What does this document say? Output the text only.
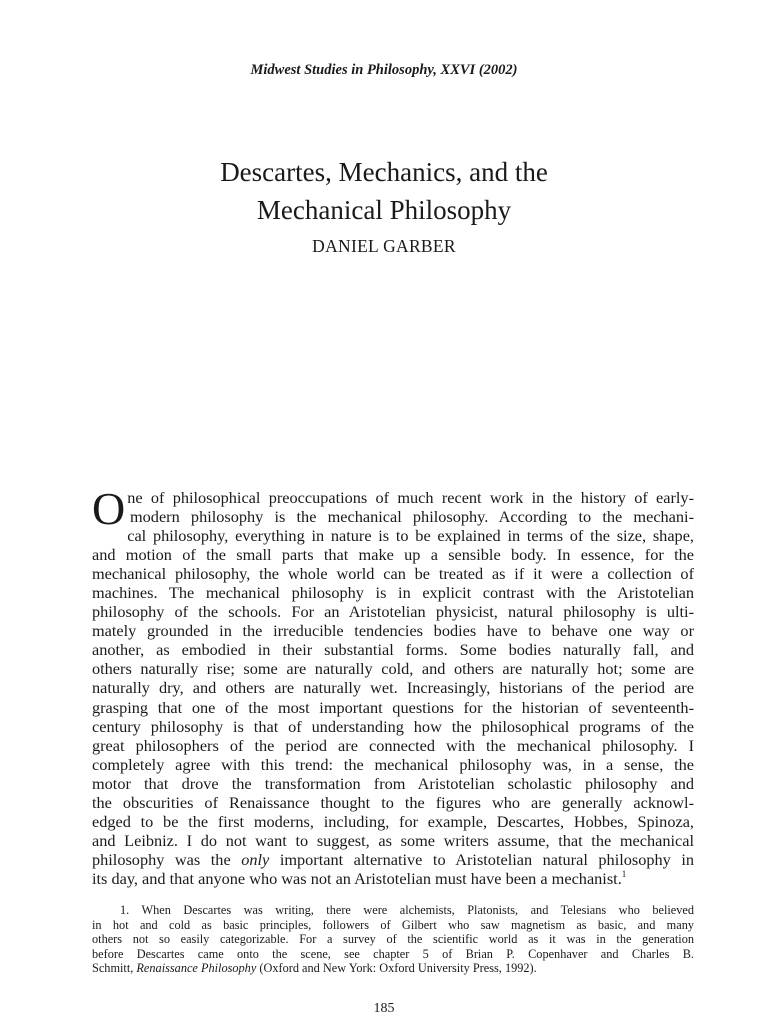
Midwest Studies in Philosophy, XXVI (2002)
Descartes, Mechanics, and the
Mechanical Philosophy
DANIEL GARBER
O ne of philosophical preoccupations of much recent work in the history of early-
modern philosophy is the mechanical philosophy. According to the mechani-
cal philosophy, everything in nature is to be explained in terms of the size, shape,
and motion of the small parts that make up a sensible body. In essence, for the
mechanical philosophy, the whole world can be treated as if it were a collection of
machines. The mechanical philosophy is in explicit contrast with the Aristotelian
philosophy of the schools. For an Aristotelian physicist, natural philosophy is ulti-
mately grounded in the irreducible tendencies bodies have to behave one way or
another, as embodied in their substantial forms. Some bodies naturally fall, and
others naturally rise; some are naturally cold, and others are naturally hot; some are
naturally dry, and others are naturally wet. Increasingly, historians of the period are
grasping that one of the most important questions for the historian of seventeenth-
century philosophy is that of understanding how the philosophical programs of the
great philosophers of the period are connected with the mechanical philosophy. I
completely agree with this trend: the mechanical philosophy was, in a sense, the
motor that drove the transformation from Aristotelian scholastic philosophy and
the obscurities of Renaissance thought to the figures who are generally acknowl-
edged to be the first moderns, including, for example, Descartes, Hobbes, Spinoza,
and Leibniz. I do not want to suggest, as some writers assume, that the mechanical
philosophy was the only important alternative to Aristotelian natural philosophy in
its day, and that anyone who was not an Aristotelian must have been a mechanist.$^1$
1. When Descartes was writing, there were alchemists, Platonists, and Telesians who believed
in hot and cold as basic principles, followers of Gilbert who saw magnetism as basic, and many
others not so easily categorizable. For a survey of the scientific world as it was in the generation
before Descartes came onto the scene, see chapter 5 of Brian P. Copenhaver and Charles B.
Schmitt, Renaissance Philosophy (Oxford and New York: Oxford University Press, 1992).
185
